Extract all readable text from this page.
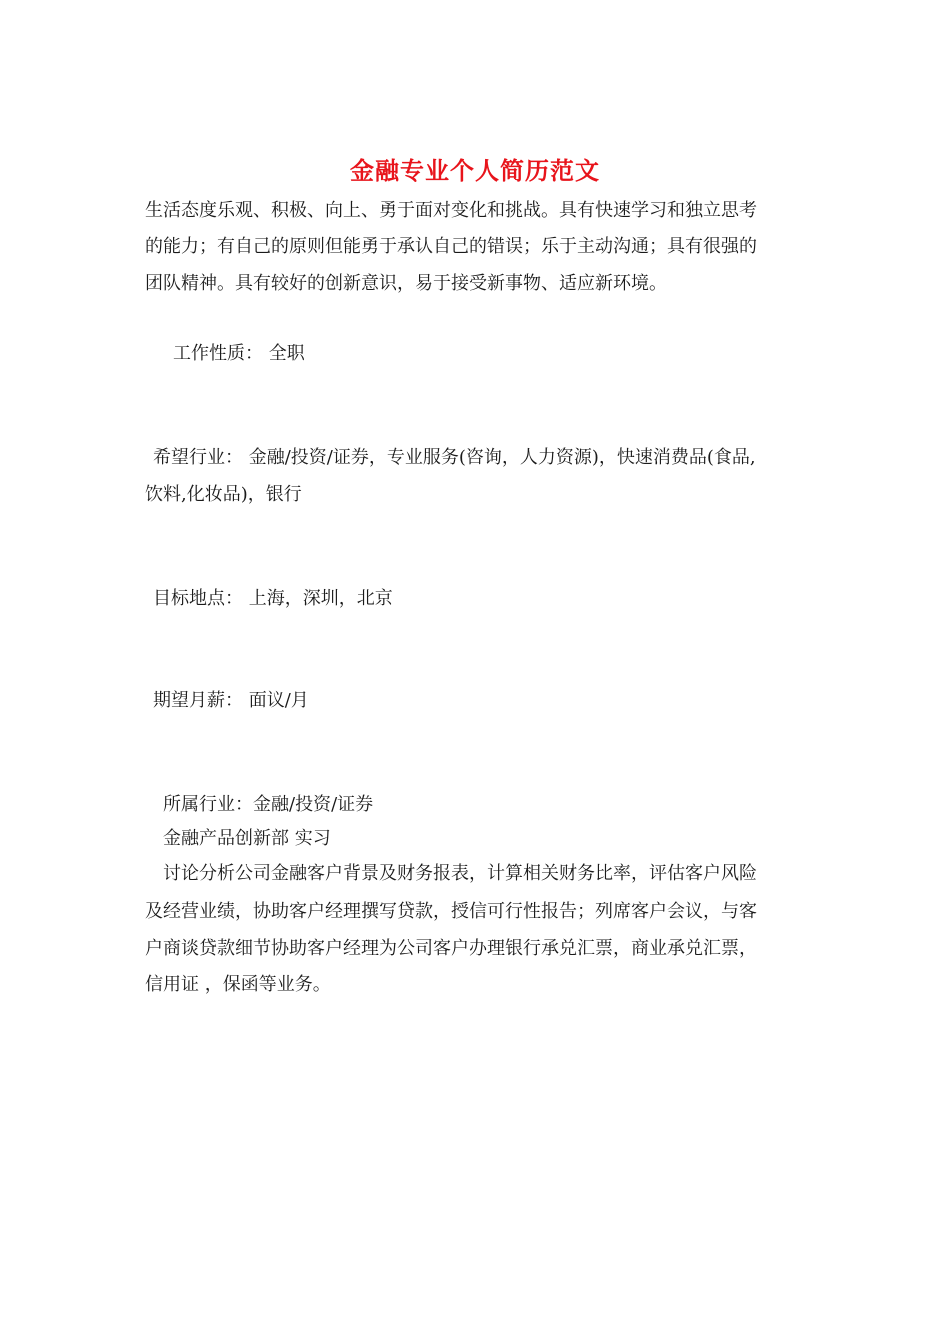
金融专业个人简历范文
生活态度乐观、积极、向上、勇于面对变化和挑战。具有快速学习和独立思考
的能力；有自己的原则但能勇于承认自己的错误；乐于主动沟通；具有很强的
团队精神。具有较好的创新意识，易于接受新事物、适应新环境。
工作性质： 全职
希望行业： 金融/投资/证券，专业服务(咨询，人力资源)，快速消费品(食品,
饮料,化妆品)，银行
目标地点： 上海，深圳，北京
期望月薪： 面议/月
所属行业：金融/投资/证券
金融产品创新部 实习
讨论分析公司金融客户背景及财务报表，计算相关财务比率，评估客户风险
及经营业绩，协助客户经理撰写贷款，授信可行性报告；列席客户会议，与客
户商谈贷款细节协助客户经理为公司客户办理银行承兑汇票，商业承兑汇票，
信用证 ，保函等业务。
